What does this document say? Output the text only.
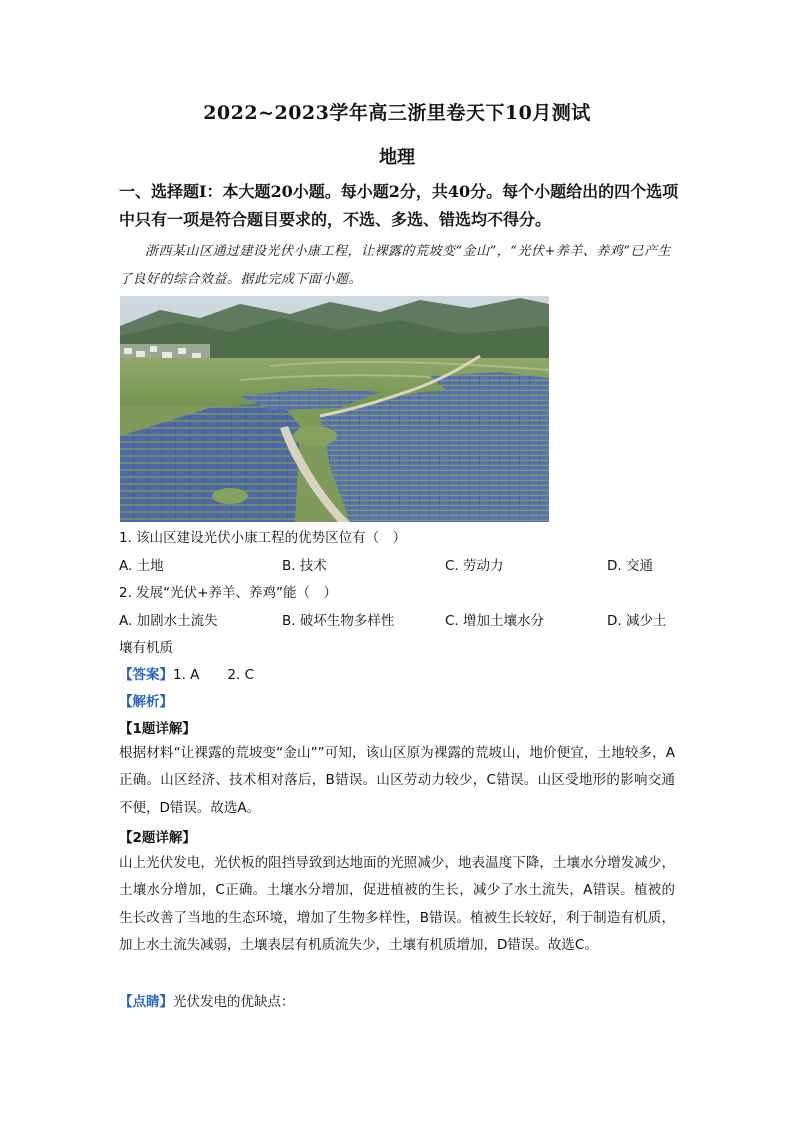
2022~2023学年高三浙里卷天下10月测试
地理
一、选择题Ⅰ：本大题20小题。每小题2分，共40分。每个小题给出的四个选项中只有一项是符合题目要求的，不选、多选、错选均不得分。
浙西某山区通过建设光伏小康工程，让裸露的荒坡变“金山”，“光伏+养羊、养鸡”已产生了良好的综合效益。据此完成下面小题。
1. 该山区建设光伏小康工程的优势区位有（　）
A. 土地	B. 技术	C. 劳动力	D. 交通
2. 发展“光伏+养羊、养鸡”能（　）
A. 加剧水土流失	B. 破坏生物多样性	C. 增加土壤水分	D. 减少土
壤有机质
【答案】1. A 2. C
【解析】
【1题详解】
根据材料“让裸露的荒坡变“金山””可知，该山区原为裸露的荒坡山，地价便宜，土地较多，A正确。山区经济、技术相对落后，B错误。山区劳动力较少，C错误。山区受地形的影响交通不便，D错误。故选A。
【2题详解】
山上光伏发电，光伏板的阻挡导致到达地面的光照减少，地表温度下降，土壤水分增发减少，土壤水分增加，C正确。土壤水分增加，促进植被的生长，减少了水土流失，A错误。植被的生长改善了当地的生态环境，增加了生物多样性，B错误。植被生长较好，利于制造有机质，加上水土流失减弱，土壤表层有机质流失少，土壤有机质增加，D错误。故选C。
【点睛】光伏发电的优缺点：
